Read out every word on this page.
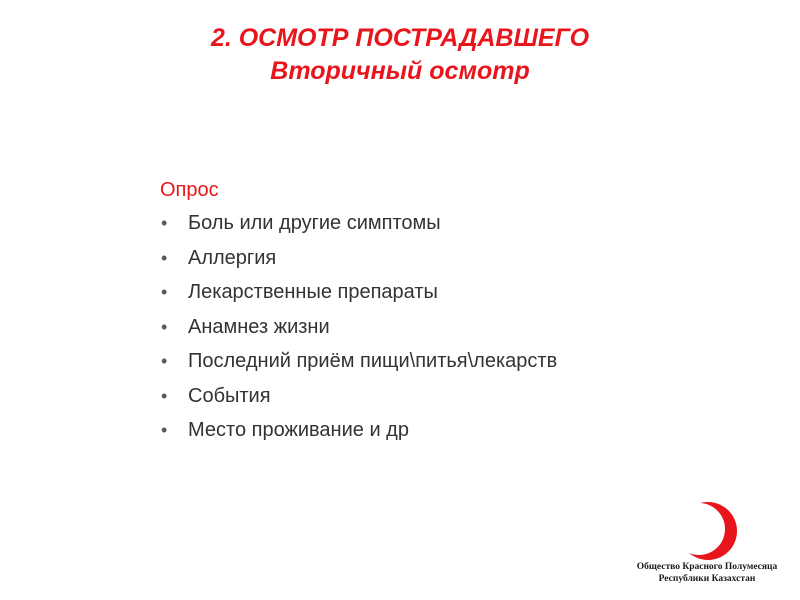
2. ОСМОТР ПОСТРАДАВШЕГО
Вторичный осмотр
Опрос
• Боль или другие симптомы
• Аллергия
• Лекарственные препараты
• Анамнез жизни
• Последний приём пищи\питья\лекарств
• События
• Место проживание и др
Общество Красного Полумесяца
Республики Казахстан
